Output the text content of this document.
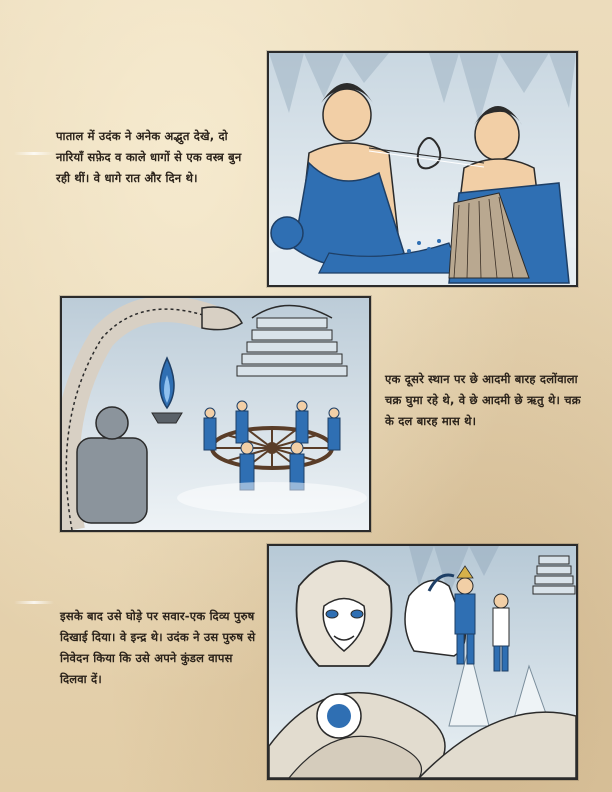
पाताल में उदंक ने अनेक अद्भुत देखे, दो नारियाँ सफ़ेद व काले धागों से एक वस्त्र बुन रही थीं। वे धागे रात और दिन थे।

एक दूसरे स्थान पर छे आदमी बारह दलोंवाला चक्र घुमा रहे थे, वे छे आदमी छे ऋतु थे। चक्र के दल बारह मास थे।

इसके बाद उसे घोड़े पर सवार-एक दिव्य पुरुष दिखाई दिया। वे इन्द्र थे। उदंक ने उस पुरुष से निवेदन किया कि उसे अपने कुंडल वापस दिलवा दें।
